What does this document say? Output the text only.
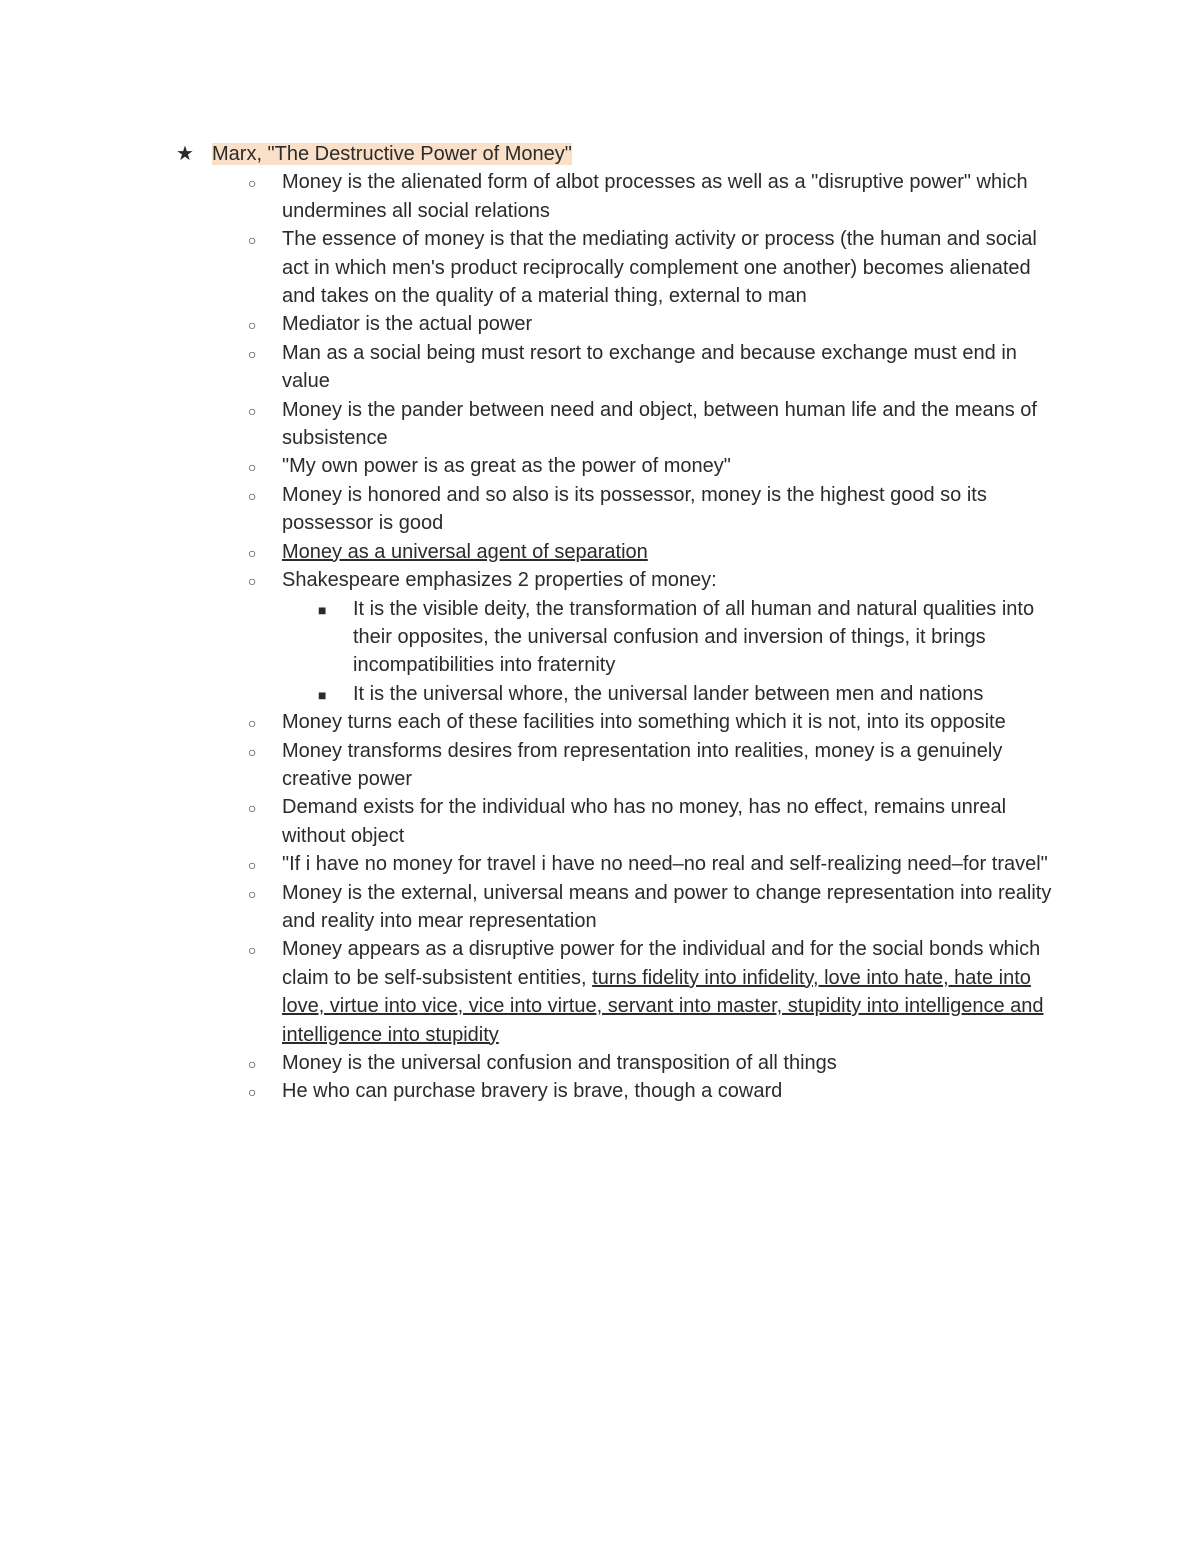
★ Marx, "The Destructive Power of Money"
○ Money is the alienated form of albot processes as well as a "disruptive power" which undermines all social relations
○ The essence of money is that the mediating activity or process (the human and social act in which men's product reciprocally complement one another) becomes alienated and takes on the quality of a material thing, external to man
○ Mediator is the actual power
○ Man as a social being must resort to exchange and because exchange must end in value
○ Money is the pander between need and object, between human life and the means of subsistence
○ "My own power is as great as the power of money"
○ Money is honored and so also is its possessor, money is the highest good so its possessor is good
○ Money as a universal agent of separation
○ Shakespeare emphasizes 2 properties of money:
■ It is the visible deity, the transformation of all human and natural qualities into their opposites, the universal confusion and inversion of things, it brings incompatibilities into fraternity
■ It is the universal whore, the universal lander between men and nations
○ Money turns each of these facilities into something which it is not, into its opposite
○ Money transforms desires from representation into realities, money is a genuinely creative power
○ Demand exists for the individual who has no money, has no effect, remains unreal without object
○ "If i have no money for travel i have no need–no real and self-realizing need–for travel"
○ Money is the external, universal means and power to change representation into reality and reality into mear representation
○ Money appears as a disruptive power for the individual and for the social bonds which claim to be self-subsistent entities, turns fidelity into infidelity, love into hate, hate into love, virtue into vice, vice into virtue, servant into master, stupidity into intelligence and intelligence into stupidity
○ Money is the universal confusion and transposition of all things
○ He who can purchase bravery is brave, though a coward
